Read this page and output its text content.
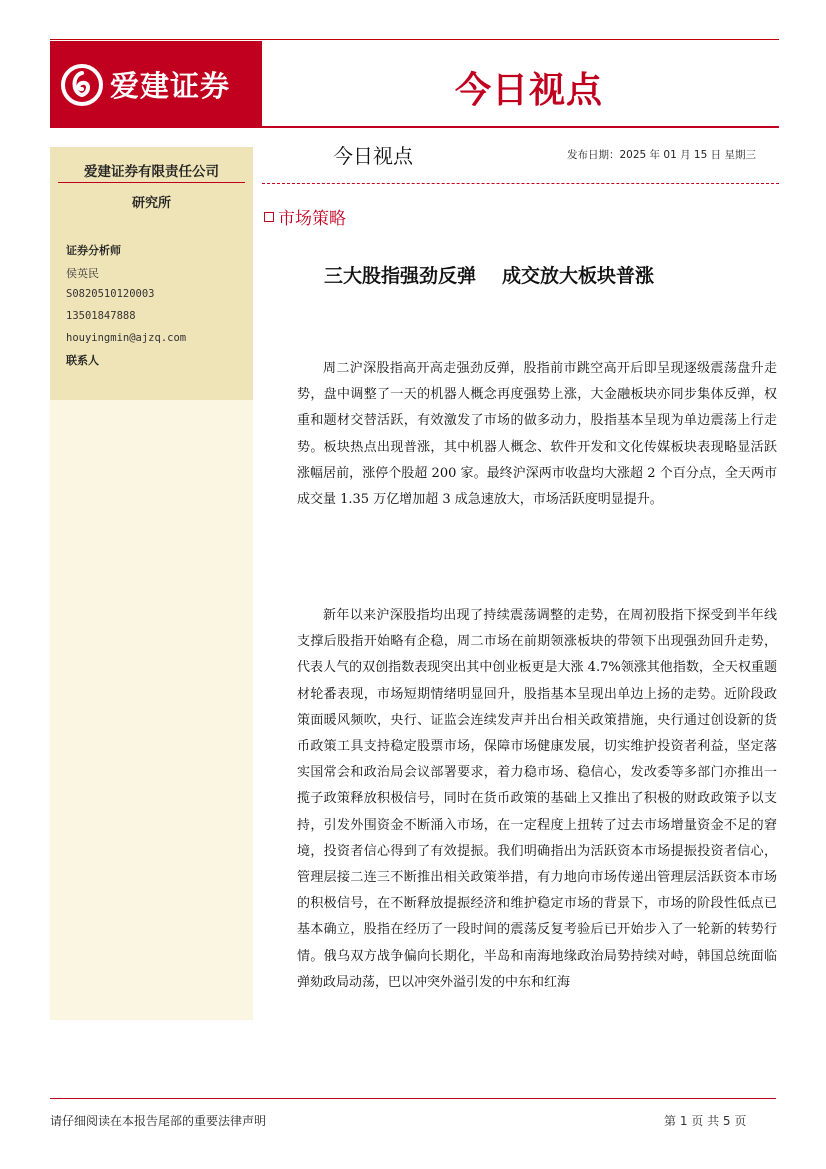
爱建证券	今日视点
爱建证券有限责任公司
研究所
证券分析师
侯英民
S0820510120003
13501847888
houyingmin@ajzq.com
联系人
今日视点	发布日期：2025 年 01 月 15 日 星期三
市场策略
三大股指强劲反弹 成交放大板块普涨

周二沪深股指高开高走强劲反弹，股指前市跳空高开后即呈现逐级震荡盘升走势，盘中调整了一天的机器人概念再度强势上涨，大金融板块亦同步集体反弹，权重和题材交替活跃，有效激发了市场的做多动力，股指基本呈现为单边震荡上行走势。板块热点出现普涨，其中机器人概念、软件开发和文化传媒板块表现略显活跃涨幅居前，涨停个股超 200 家。最终沪深两市收盘均大涨超 2 个百分点，全天两市成交量 1.35 万亿增加超 3 成急速放大，市场活跃度明显提升。

新年以来沪深股指均出现了持续震荡调整的走势，在周初股指下探受到半年线支撑后股指开始略有企稳，周二市场在前期领涨板块的带领下出现强劲回升走势，代表人气的双创指数表现突出其中创业板更是大涨 4.7%领涨其他指数，全天权重题材轮番表现，市场短期情绪明显回升，股指基本呈现出单边上扬的走势。近阶段政策面暖风频吹，央行、证监会连续发声并出台相关政策措施，央行通过创设新的货币政策工具支持稳定股票市场，保障市场健康发展，切实维护投资者利益，坚定落实国常会和政治局会议部署要求，着力稳市场、稳信心，发改委等多部门亦推出一揽子政策释放积极信号，同时在货币政策的基础上又推出了积极的财政政策予以支持，引发外围资金不断涌入市场，在一定程度上扭转了过去市场增量资金不足的窘境，投资者信心得到了有效提振。我们明确指出为活跃资本市场提振投资者信心，管理层接二连三不断推出相关政策举措，有力地向市场传递出管理层活跃资本市场的积极信号，在不断释放提振经济和维护稳定市场的背景下，市场的阶段性低点已基本确立，股指在经历了一段时间的震荡反复考验后已开始步入了一轮新的转势行情。俄乌双方战争偏向长期化，半岛和南海地缘政治局势持续对峙，韩国总统面临弹劾政局动荡，巴以冲突外溢引发的中东和红海

请仔细阅读在本报告尾部的重要法律声明	第 1 页 共 5 页
